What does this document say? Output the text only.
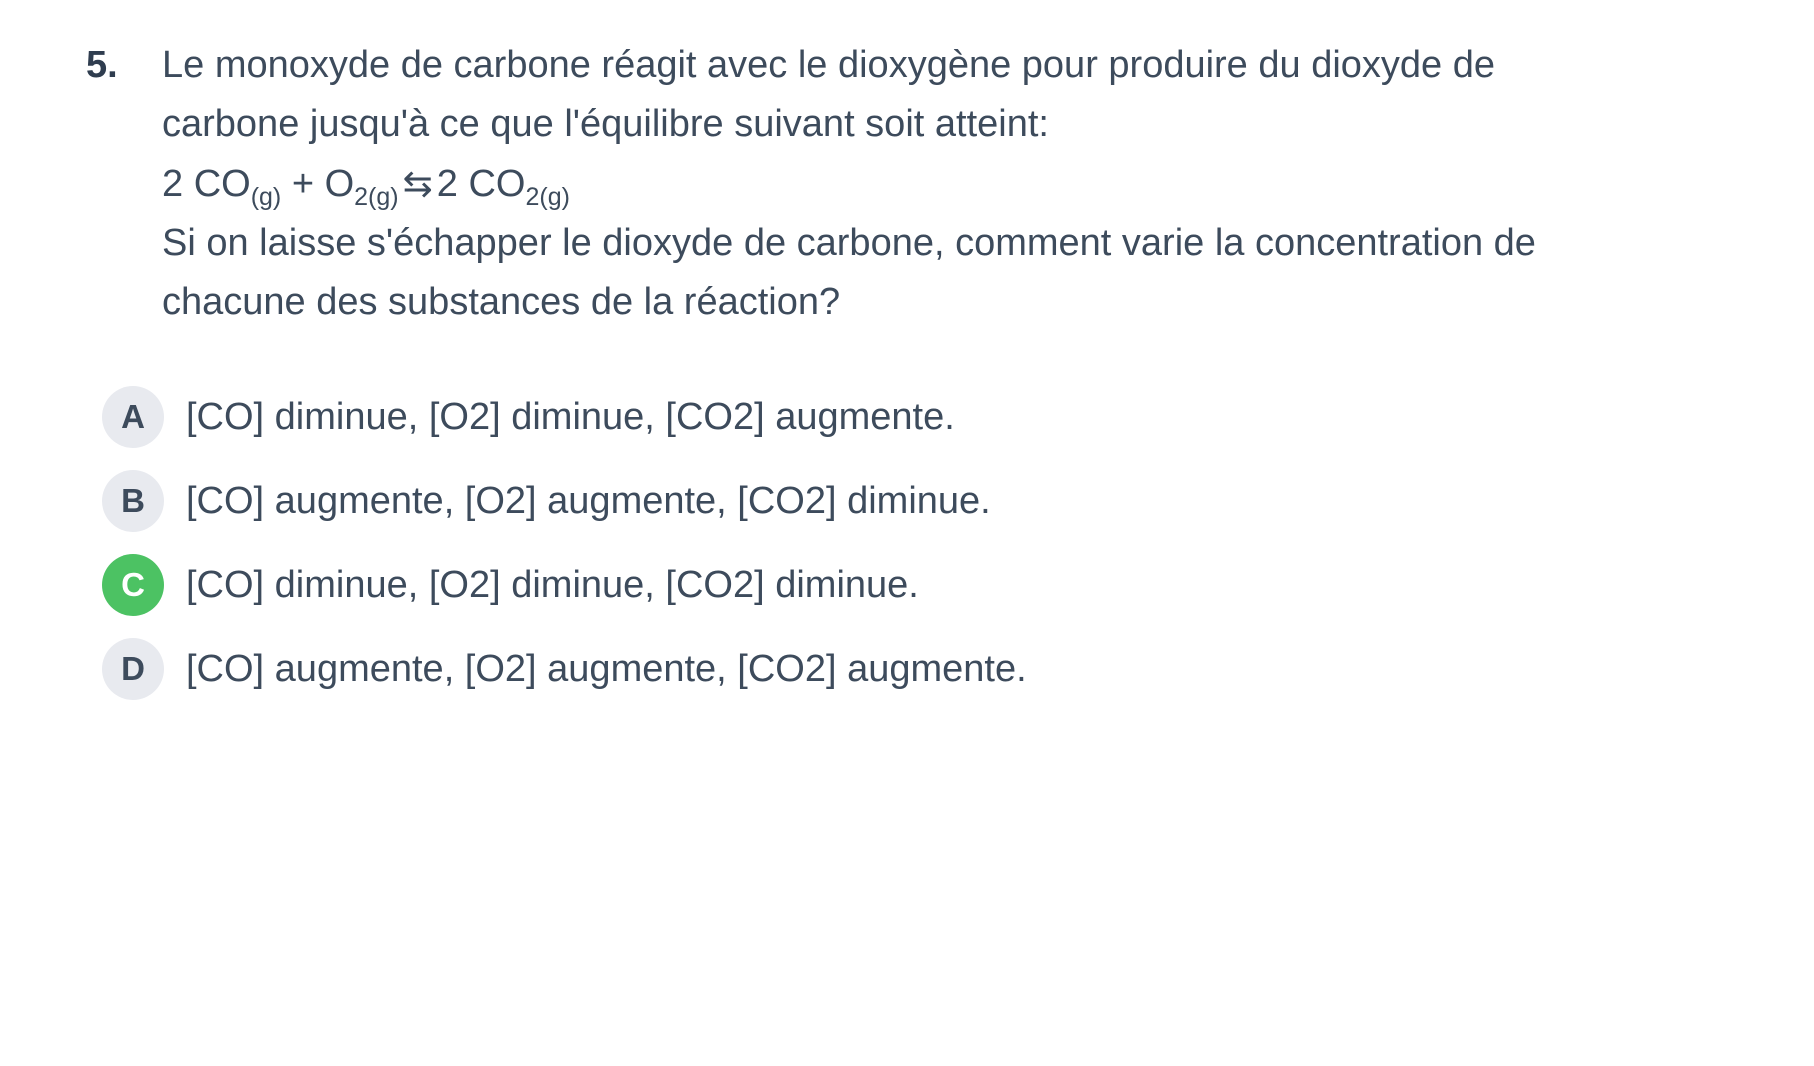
5.	Le monoxyde de carbone réagit avec le dioxygène pour produire du dioxyde de carbone jusqu'à ce que l'équilibre suivant soit atteint:
2 $CO_{(g)} + O_{2(g)}$ ⇆ 2 $CO_{2(g)}$
Si on laisse s'échapper le dioxyde de carbone, comment varie la concentration de chacune des substances de la réaction?
A	[CO] diminue, [O2] diminue, [CO2] augmente.
B	[CO] augmente, [O2] augmente, [CO2] diminue.
C	[CO] diminue, [O2] diminue, [CO2] diminue.
D	[CO] augmente, [O2] augmente, [CO2] augmente.
